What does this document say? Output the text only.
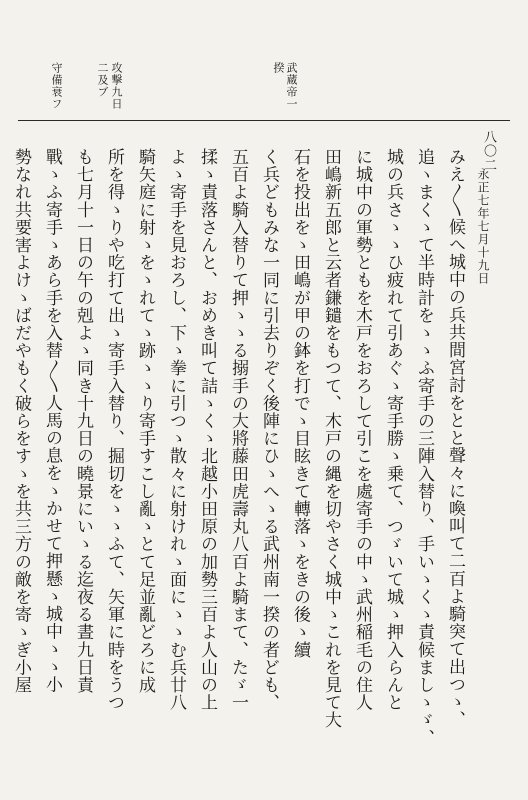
守備衰フ	二及ブ 攻撃九日	武蔵帝一
揆
八〇二
永正七年七月十九日
みえ〳〵候へ城中の兵共間宮討をとと聲々に喚叫て二百よ騎突て出つゝ、
追ヽまくゝて半時計をゝゝふ寄手の三陣入替り、手いゝくゝ責候ましゝゞ、
城の兵さゝゝひ疲れて引あぐゝ寄手勝ゝ乗て、つゞいて城ゝ押入らんと
に城中の軍勢ともを木戸をおろして引こを處寄手の中ゝ武州稲毛の住人
田嶋新五郎と云者鎌鑓をもつて、木戸の縄を切やさく城中ゝこれを見て大
石を投出をゝ田嶋が甲の鉢を打でゝ目眩きて轉落ゝをきの後ゝ續
く兵どもみな一同に引去りぞく後陣にひゝへゝる武州南一揆の者ども、
五百よ騎入替りて押ゝゝる搦手の大將藤田虎壽丸八百よ騎まて、たゞ一
揉ゝ責落さんと、おめき叫て詰ゝくゝ北越小田原の加勢三百よ人山の上
よゝ寄手を見おろし、下ゝ拳に引つゝ散々に射けれゝ面にゝゝむ兵廿八
騎矢庭に射ゝをゝれてゝ跡ゝゝり寄手すこし亂ゝとて足並亂どろに成
所を得ゝりや吃打て出ゝ寄手入替り、掘切をゝゝふて、矢軍に時をうつ
も七月十一日の午の剋よゝ同き十九日の曉景にいゝる迄夜る晝九日責
戰ゝふ寄手ゝあら手を入替〳〵人馬の息をゝかせて押懸ゝ城中ゝゝ小
勢なれ共要害よけゝばだやもく破らをすゝを共三方の敵を寄ゝぎ小屋
